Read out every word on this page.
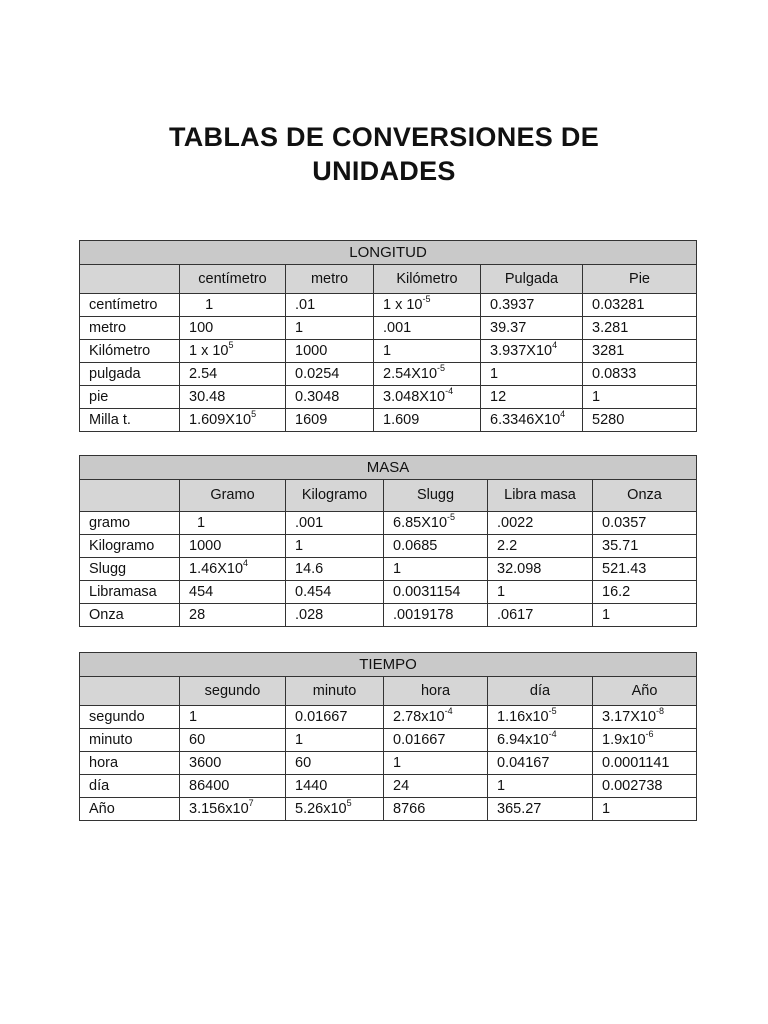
TABLAS DE CONVERSIONES DE
UNIDADES
LONGITUD					
	centímetro	metro	Kilómetro	Pulgada	Pie
centímetro	1	.01	1 x $10^{-5}$	0.3937	0.03281
metro	100	1	.001	39.37	3.281
Kilómetro	1 x $10^5$	1000	1	$3.937X10^4$	3281
pulgada	2.54	0.0254	$2.54X10^{-5}$	1	0.0833
pie	30.48	0.3048	$3.048X10^{-4}$	12	1
Milla t.	$1.609X10^5$	1609	1.609	$6.3346X10^4$	5280
MASA					
	Gramo	Kilogramo	Slugg	Libra masa	Onza
gramo	1	.001	$6.85X10^{-5}$	.0022	0.0357
Kilogramo	1000	1	0.0685	2.2	35.71
Slugg	$1.46X10^4$	14.6	1	32.098	521.43
Libramasa	454	0.454	0.0031154	1	16.2
Onza	28	.028	.0019178	.0617	1
TIEMPO					
	segundo	minuto	hora	día	Año
segundo	1	0.01667	$2.78x10^{-4}$	$1.16x10^{-5}$	$3.17X10^{-8}$
minuto	60	1	0.01667	$6.94x10^{-4}$	$1.9x10^{-6}$
hora	3600	60	1	0.04167	0.0001141
día	86400	1440	24	1	0.002738
Año	$3.156x10^7$	$5.26x10^5$	8766	365.27	1
